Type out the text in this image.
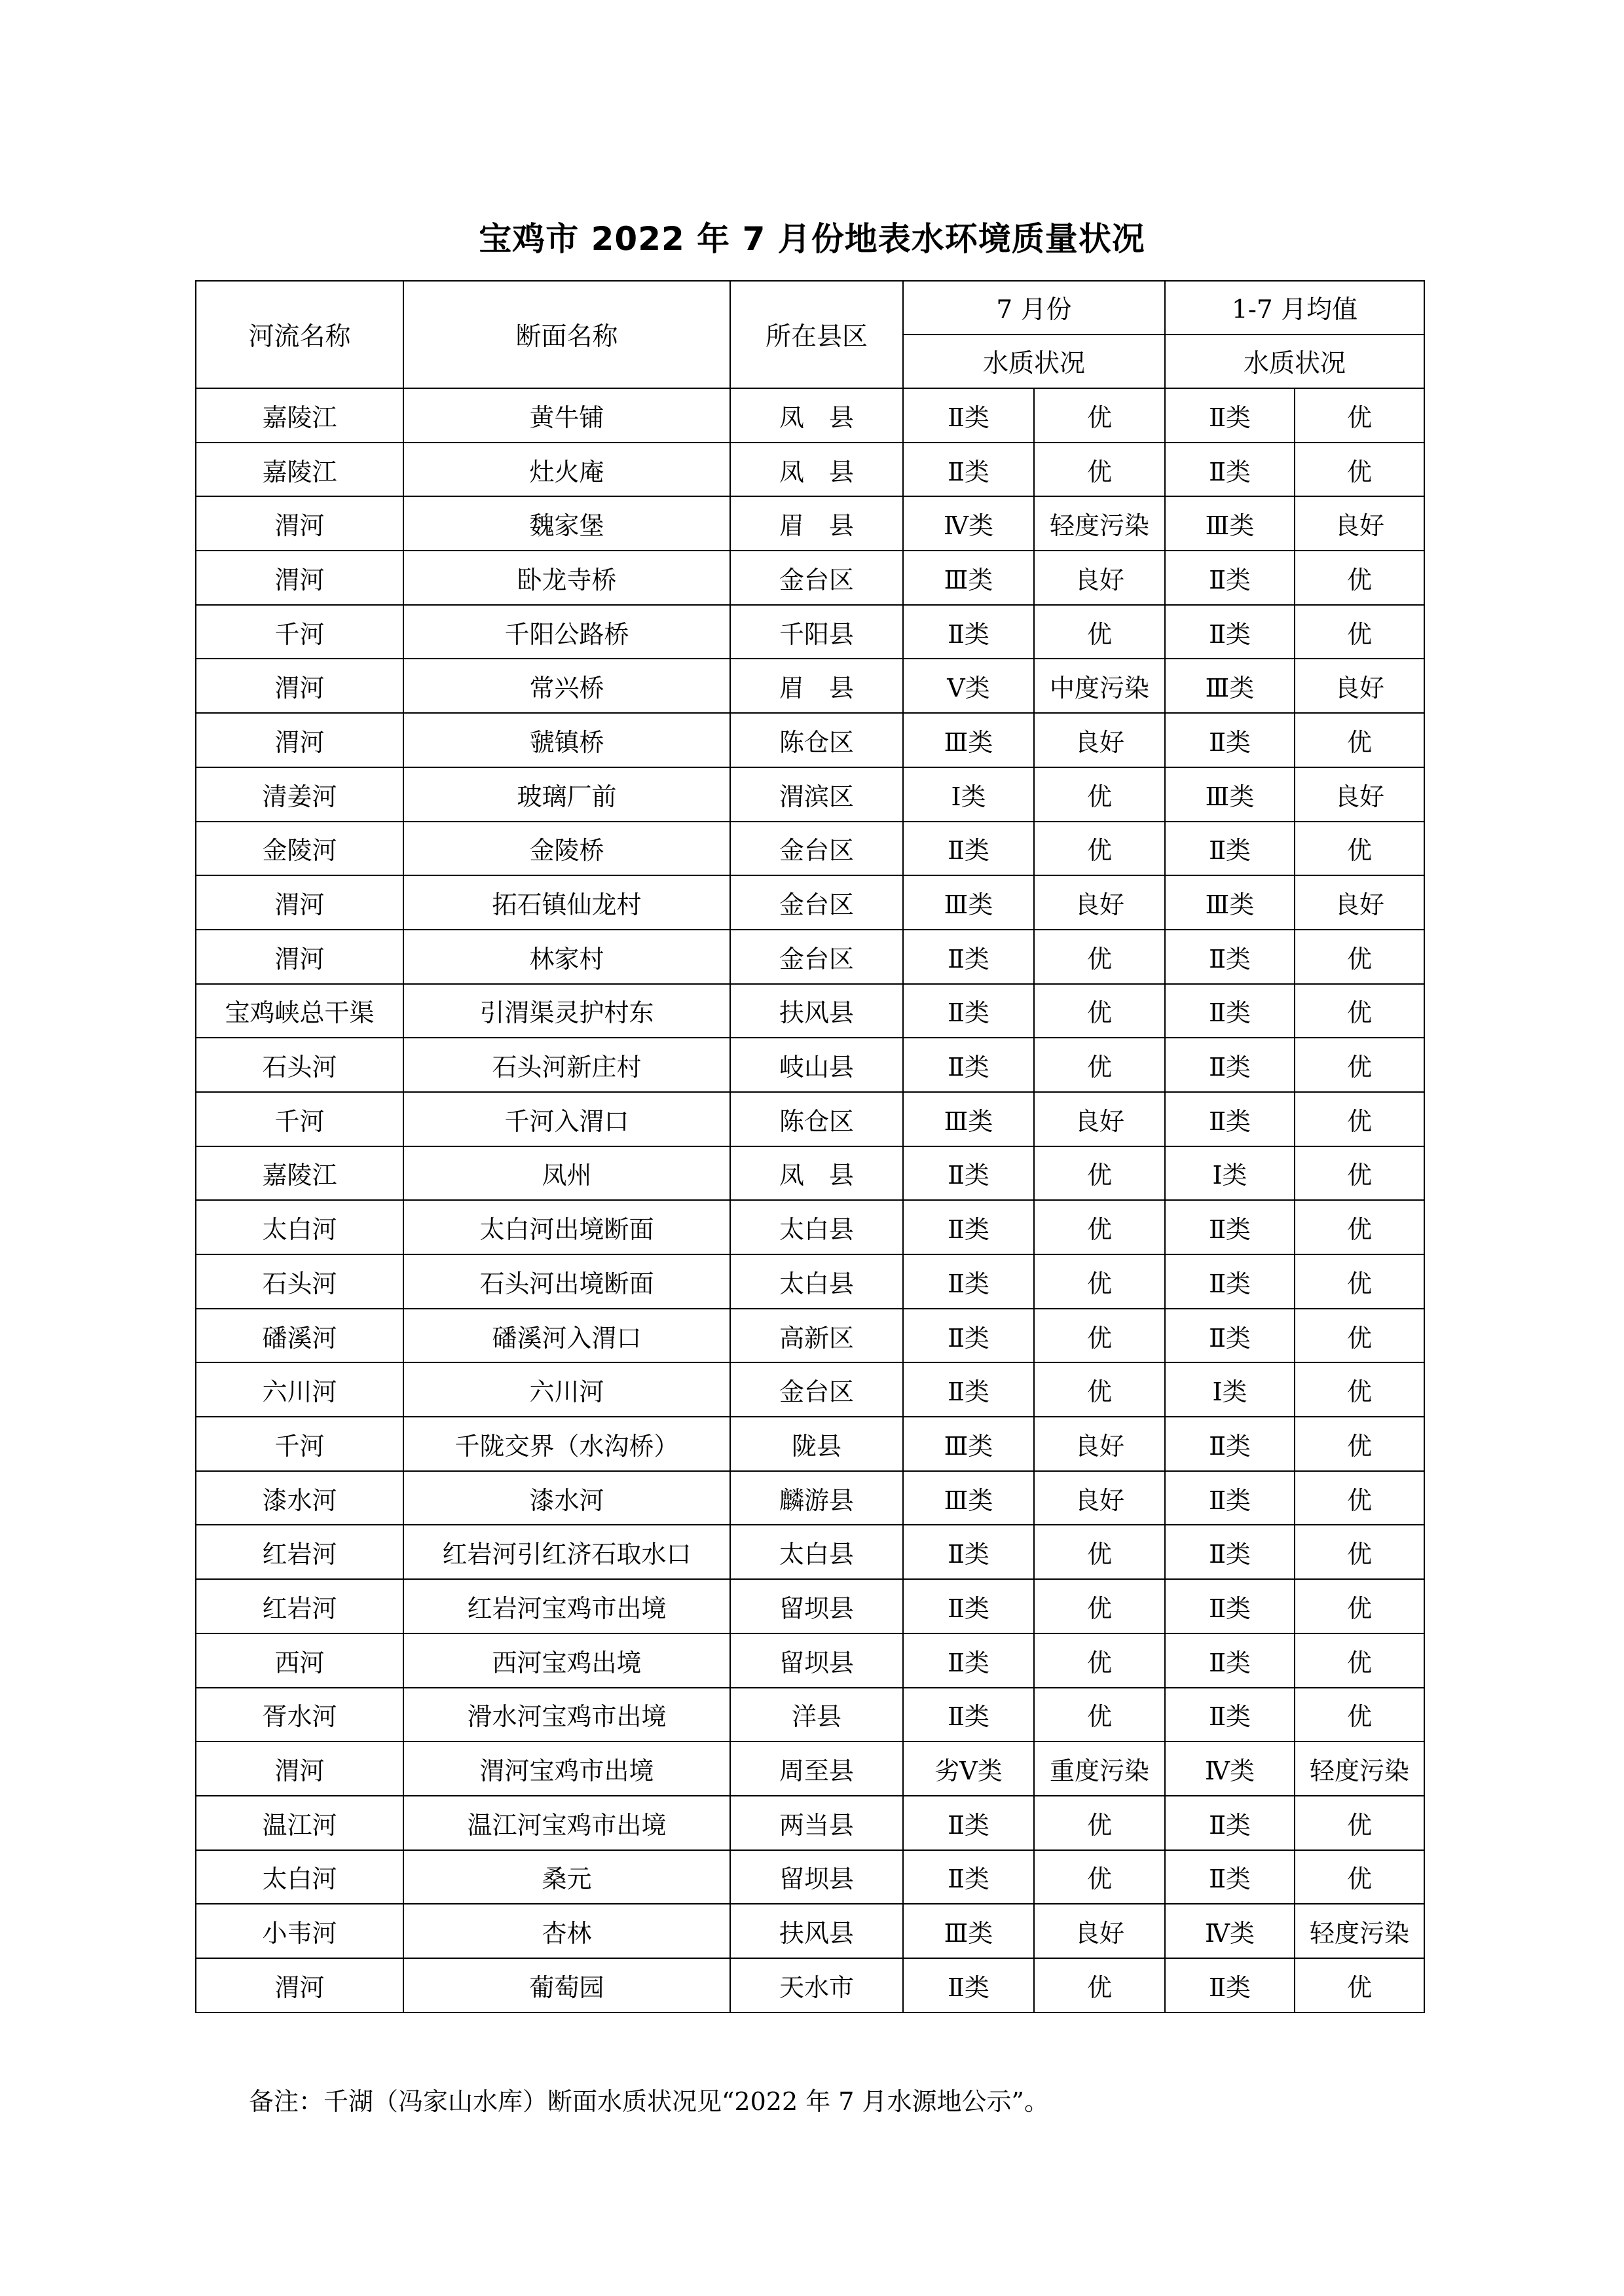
宝鸡市 2022 年 7 月份地表水环境质量状况
河流名称	断面名称	所在县区	7 月份		1-7 月均值	
			水质状况		水质状况	
嘉陵江	黄牛铺	凤　县	Ⅱ类	优	Ⅱ类	优
嘉陵江	灶火庵	凤　县	Ⅱ类	优	Ⅱ类	优
渭河	魏家堡	眉　县	Ⅳ类	轻度污染	Ⅲ类	良好
渭河	卧龙寺桥	金台区	Ⅲ类	良好	Ⅱ类	优
千河	千阳公路桥	千阳县	Ⅱ类	优	Ⅱ类	优
渭河	常兴桥	眉　县	Ⅴ类	中度污染	Ⅲ类	良好
渭河	虢镇桥	陈仓区	Ⅲ类	良好	Ⅱ类	优
清姜河	玻璃厂前	渭滨区	Ⅰ类	优	Ⅲ类	良好
金陵河	金陵桥	金台区	Ⅱ类	优	Ⅱ类	优
渭河	拓石镇仙龙村	金台区	Ⅲ类	良好	Ⅲ类	良好
渭河	林家村	金台区	Ⅱ类	优	Ⅱ类	优
宝鸡峡总干渠	引渭渠灵护村东	扶风县	Ⅱ类	优	Ⅱ类	优
石头河	石头河新庄村	岐山县	Ⅱ类	优	Ⅱ类	优
千河	千河入渭口	陈仓区	Ⅲ类	良好	Ⅱ类	优
嘉陵江	凤州	凤　县	Ⅱ类	优	Ⅰ类	优
太白河	太白河出境断面	太白县	Ⅱ类	优	Ⅱ类	优
石头河	石头河出境断面	太白县	Ⅱ类	优	Ⅱ类	优
磻溪河	磻溪河入渭口	高新区	Ⅱ类	优	Ⅱ类	优
六川河	六川河	金台区	Ⅱ类	优	Ⅰ类	优
千河	千陇交界（水沟桥）	陇县	Ⅲ类	良好	Ⅱ类	优
漆水河	漆水河	麟游县	Ⅲ类	良好	Ⅱ类	优
红岩河	红岩河引红济石取水口	太白县	Ⅱ类	优	Ⅱ类	优
红岩河	红岩河宝鸡市出境	留坝县	Ⅱ类	优	Ⅱ类	优
西河	西河宝鸡出境	留坝县	Ⅱ类	优	Ⅱ类	优
胥水河	滑水河宝鸡市出境	洋县	Ⅱ类	优	Ⅱ类	优
渭河	渭河宝鸡市出境	周至县	劣Ⅴ类	重度污染	Ⅳ类	轻度污染
温江河	温江河宝鸡市出境	两当县	Ⅱ类	优	Ⅱ类	优
太白河	桑元	留坝县	Ⅱ类	优	Ⅱ类	优
小韦河	杏林	扶风县	Ⅲ类	良好	Ⅳ类	轻度污染
渭河	葡萄园	天水市	Ⅱ类	优	Ⅱ类	优
备注：千湖（冯家山水库）断面水质状况见“2022 年 7 月水源地公示”。
